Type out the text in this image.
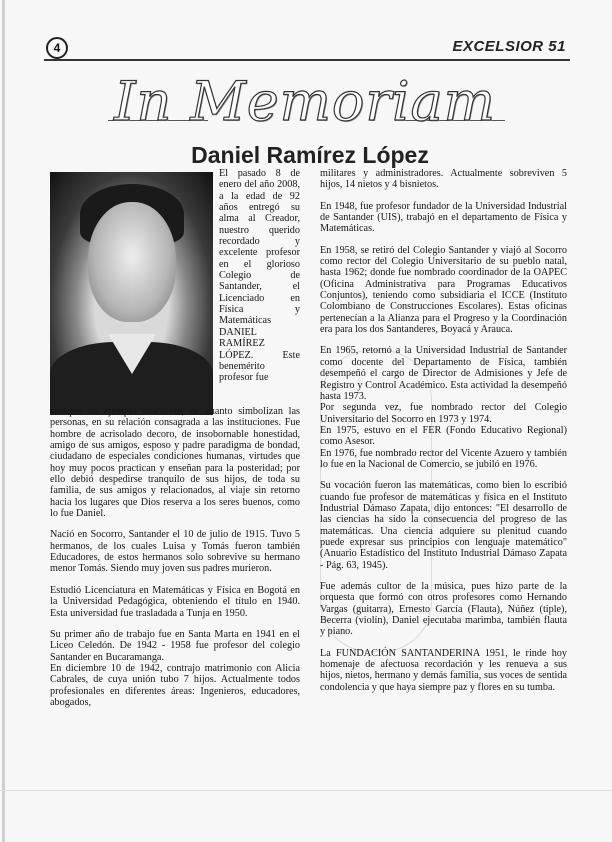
4	EXCELSIOR 51
In Memoriam
Daniel Ramírez López
El pasado 8 de enero del año 2008, a la edad de 92 años entregó su alma al Creador, nuestro querido recordado y excelente profesor en el glorioso Colegio de Santander, el Licenciado en Física y Matemáticas DANIEL RAMÍREZ LÓPEZ. Este benemérito profesor fue

siempre un ejemplo elocuente, de cuanto simbolizan las personas, en su relación consagrada a las instituciones. Fue hombre de acrisolado decoro, de insobornable honestidad, amigo de sus amigos, esposo y padre paradigma de bondad, ciudadano de especiales condiciones humanas, virtudes que hoy muy pocos practican y enseñan para la posteridad; por ello debió despedirse tranquilo de sus hijos, de toda su familia, de sus amigos y relacionados, al viaje sin retorno hacia los lugares que Dios reserva a los seres buenos, como lo fue Daniel.

Nació en Socorro, Santander el 10 de julio de 1915. Tuvo 5 hermanos, de los cuales Luisa y Tomás fueron también Educadores, de estos hermanos solo sobrevive su hermano menor Tomás. Siendo muy joven sus padres murieron.

Estudió Licenciatura en Matemáticas y Física en Bogotá en la Universidad Pedagógica, obteniendo el título en 1940. Esta universidad fue trasladada a Tunja en 1950.

Su primer año de trabajo fue en Santa Marta en 1941 en el Liceo Celedón. De 1942 - 1958 fue profesor del colegio Santander en Bucaramanga.
En diciembre 10 de 1942, contrajo matrimonio con Alicia Cabrales, de cuya unión tubo 7 hijos. Actualmente todos profesionales en diferentes áreas: Ingenieros, educadores, abogados,

militares y administradores. Actualmente sobreviven 5 hijos, 14 nietos y 4 bisnietos.

En 1948, fue profesor fundador de la Universidad Industrial de Santander (UIS), trabajó en el departamento de Física y Matemáticas.

En 1958, se retiró del Colegio Santander y viajó al Socorro como rector del Colegio Universitario de su pueblo natal, hasta 1962; donde fue nombrado coordinador de la OAPEC (Oficina Administrativa para Programas Educativos Conjuntos), teniendo como subsidiaria el ICCE (Instituto Colombiano de Construcciones Escolares). Estas oficinas pertenecían a la Alianza para el Progreso y la Coordinación era para los dos Santanderes, Boyacá y Arauca.

En 1965, retornó a la Universidad Industrial de Santander como docente del Departamento de Física, también desempeñó el cargo de Director de Admisiones y Jefe de Registro y Control Académico. Esta actividad la desempeñó hasta 1973.
Por segunda vez, fue nombrado rector del Colegio Universitario del Socorro en 1973 y 1974.
En 1975, estuvo en el FER (Fondo Educativo Regional) como Asesor.
En 1976, fue nombrado rector del Vicente Azuero y también lo fue en la Nacional de Comercio, se jubiló en 1976.

Su vocación fueron las matemáticas, como bien lo escribió cuando fue profesor de matemáticas y física en el Instituto Industrial Dámaso Zapata, dijo entonces: "El desarrollo de las ciencias ha sido la consecuencia del progreso de las matemáticas. Una ciencia adquiere su plenitud cuando puede expresar sus principios con lenguaje matemático" (Anuario Estadístico del Instituto Industrial Dámaso Zapata - Pág. 63, 1945).

Fue además cultor de la música, pues hizo parte de la orquesta que formó con otros profesores como Hernando Vargas (guitarra), Ernesto García (Flauta), Núñez (tiple), Becerra (violín), Daniel ejecutaba marimba, también flauta y piano.

La FUNDACIÓN SANTANDERINA 1951, le rinde hoy homenaje de afectuosa recordación y les renueva a sus hijos, nietos, hermano y demás familia, sus voces de sentida condolencia y que haya siempre paz y flores en su tumba.
